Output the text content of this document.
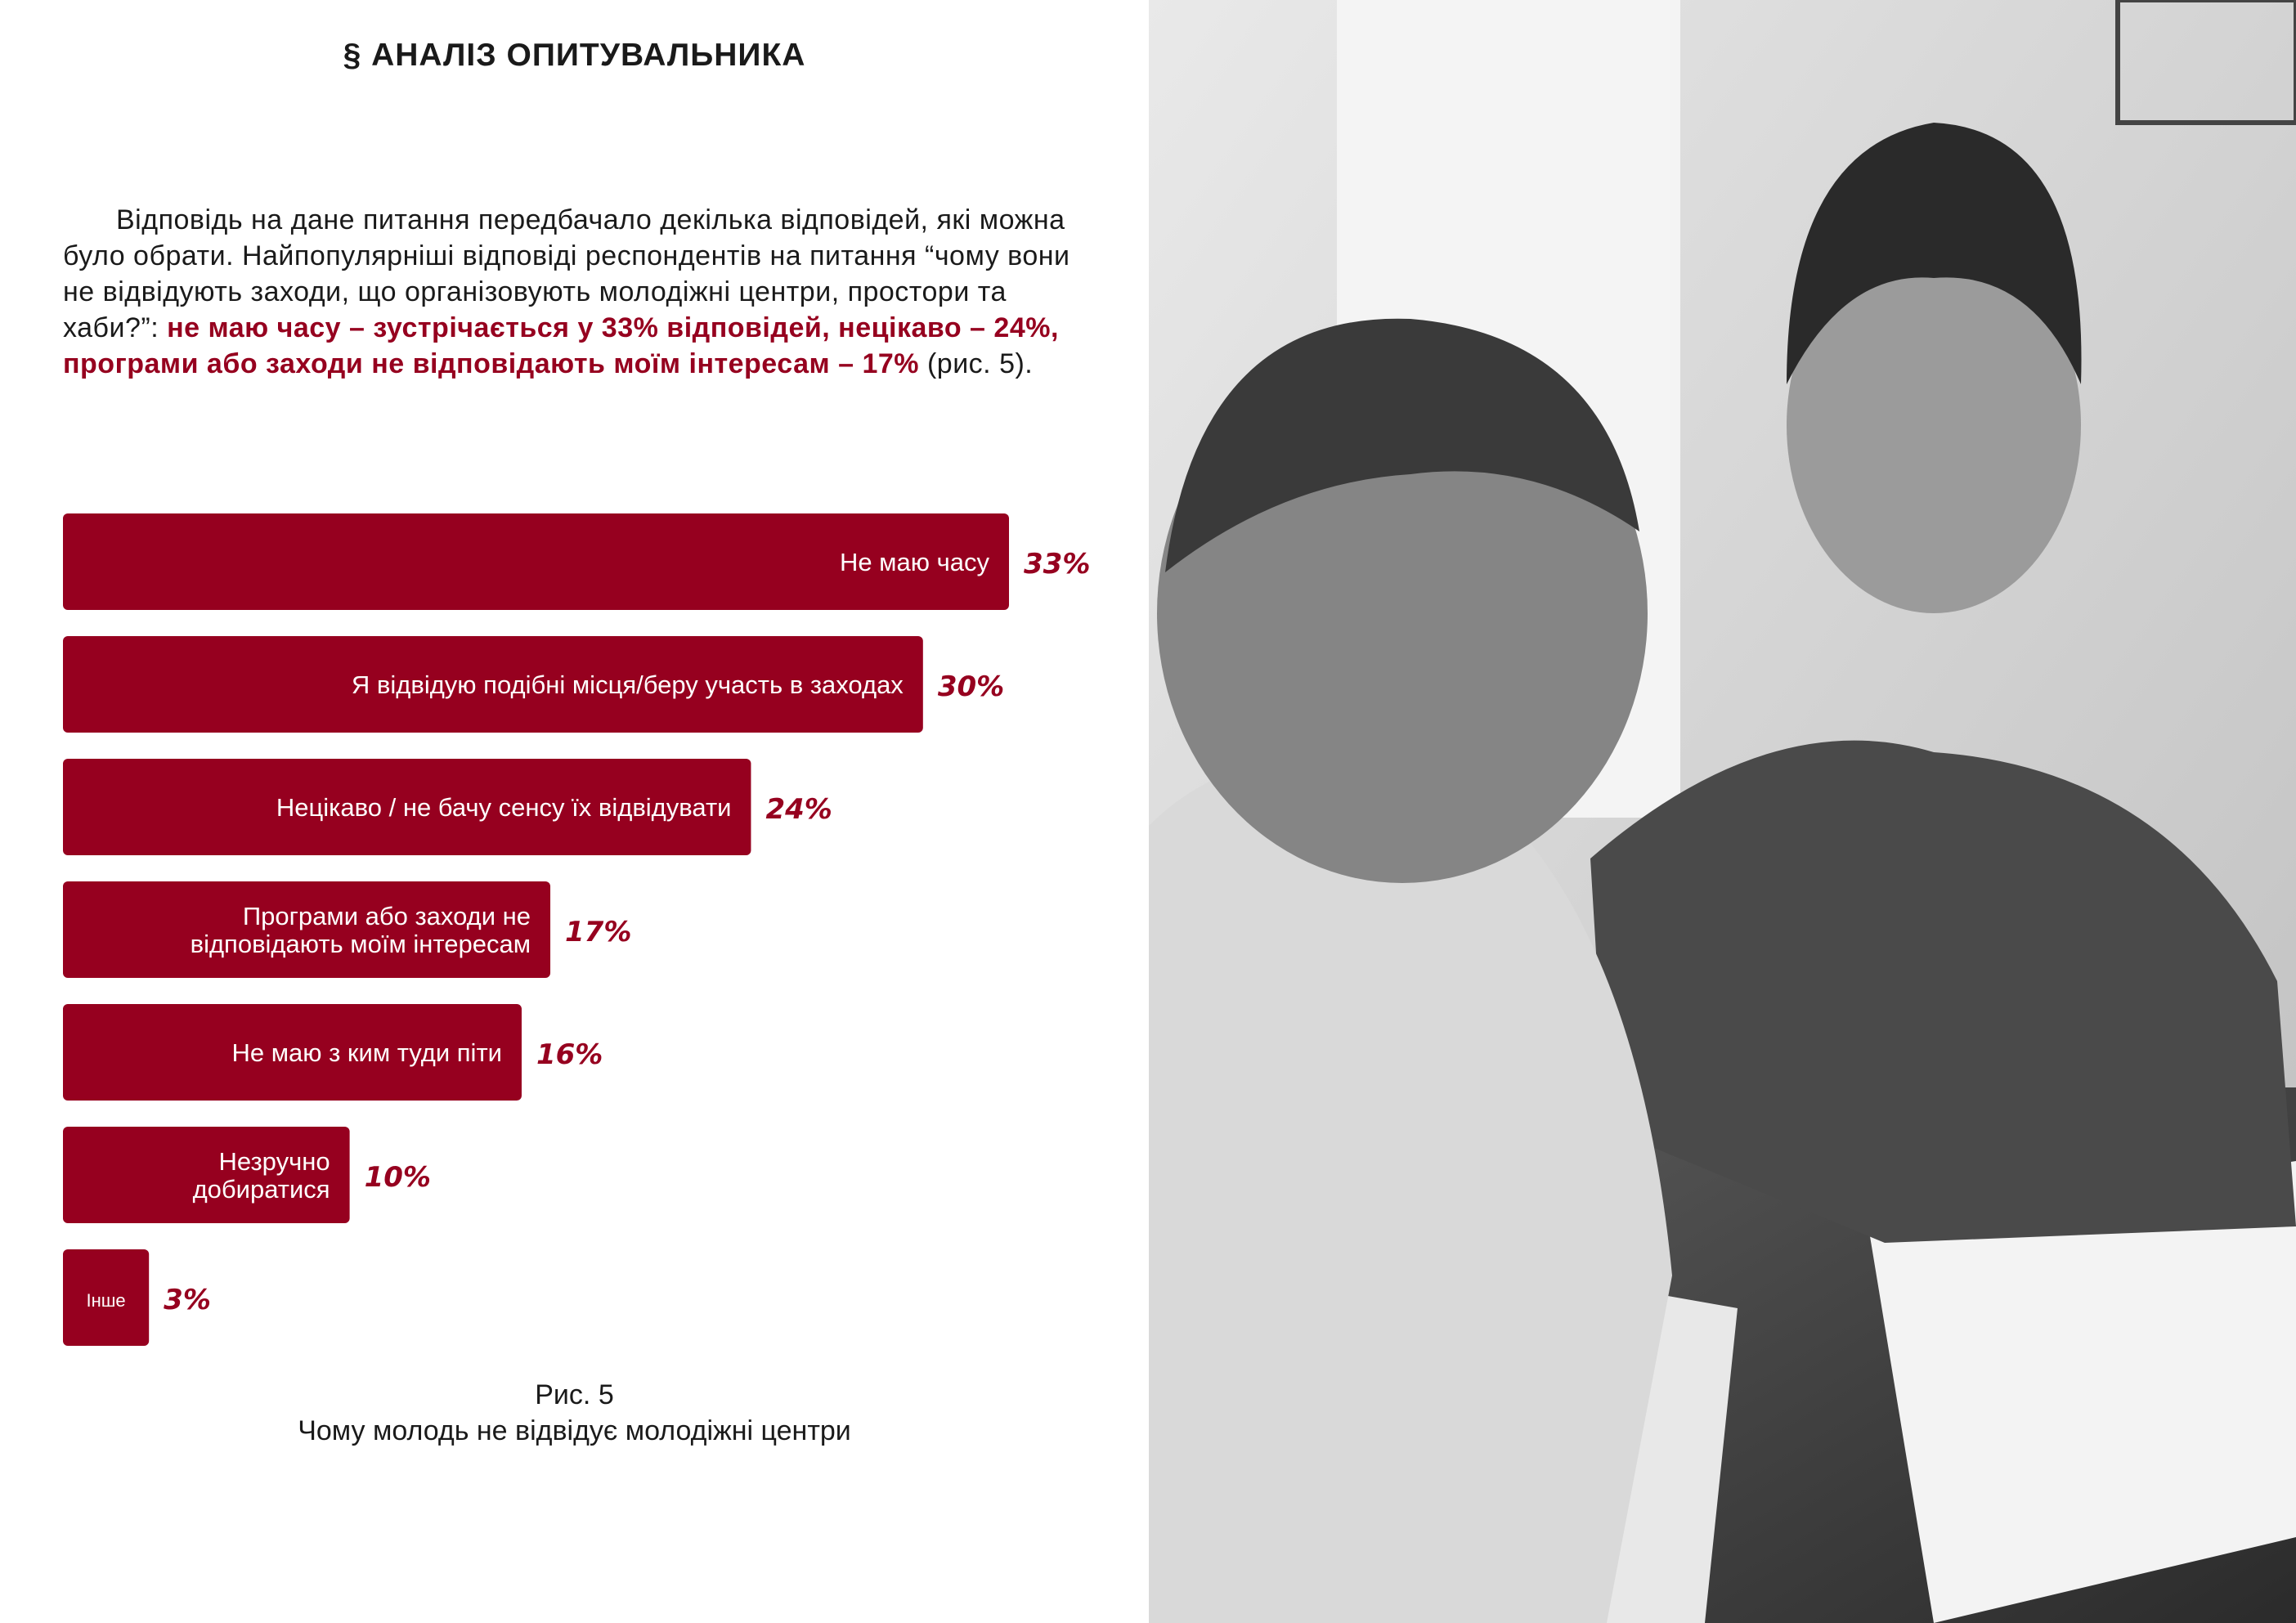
§ АНАЛІЗ ОПИТУВАЛЬНИКА

Відповідь на дане питання передбачало декілька відповідей, які можна було обрати. Найпопулярніші відповіді респондентів на питання “чому вони не відвідують заходи, що організовують молодіжні центри, простори та хаби?”: не маю часу – зустрічається у 33% відповідей, нецікаво – 24%, програми або заходи не відповідають моїм інтересам – 17% (рис. 5).

Не маю часу 33%
Я відвідую подібні місця/беру участь в заходах 30%
Нецікаво / не бачу сенсу їх відвідувати 24%
Програми або заходи не відповідають моїм інтересам 17%
Не маю з ким туди піти 16%
Незручно добиратися 10%
Інше 3%
Рис. 5
Чому молодь не відвідує молодіжні центри
